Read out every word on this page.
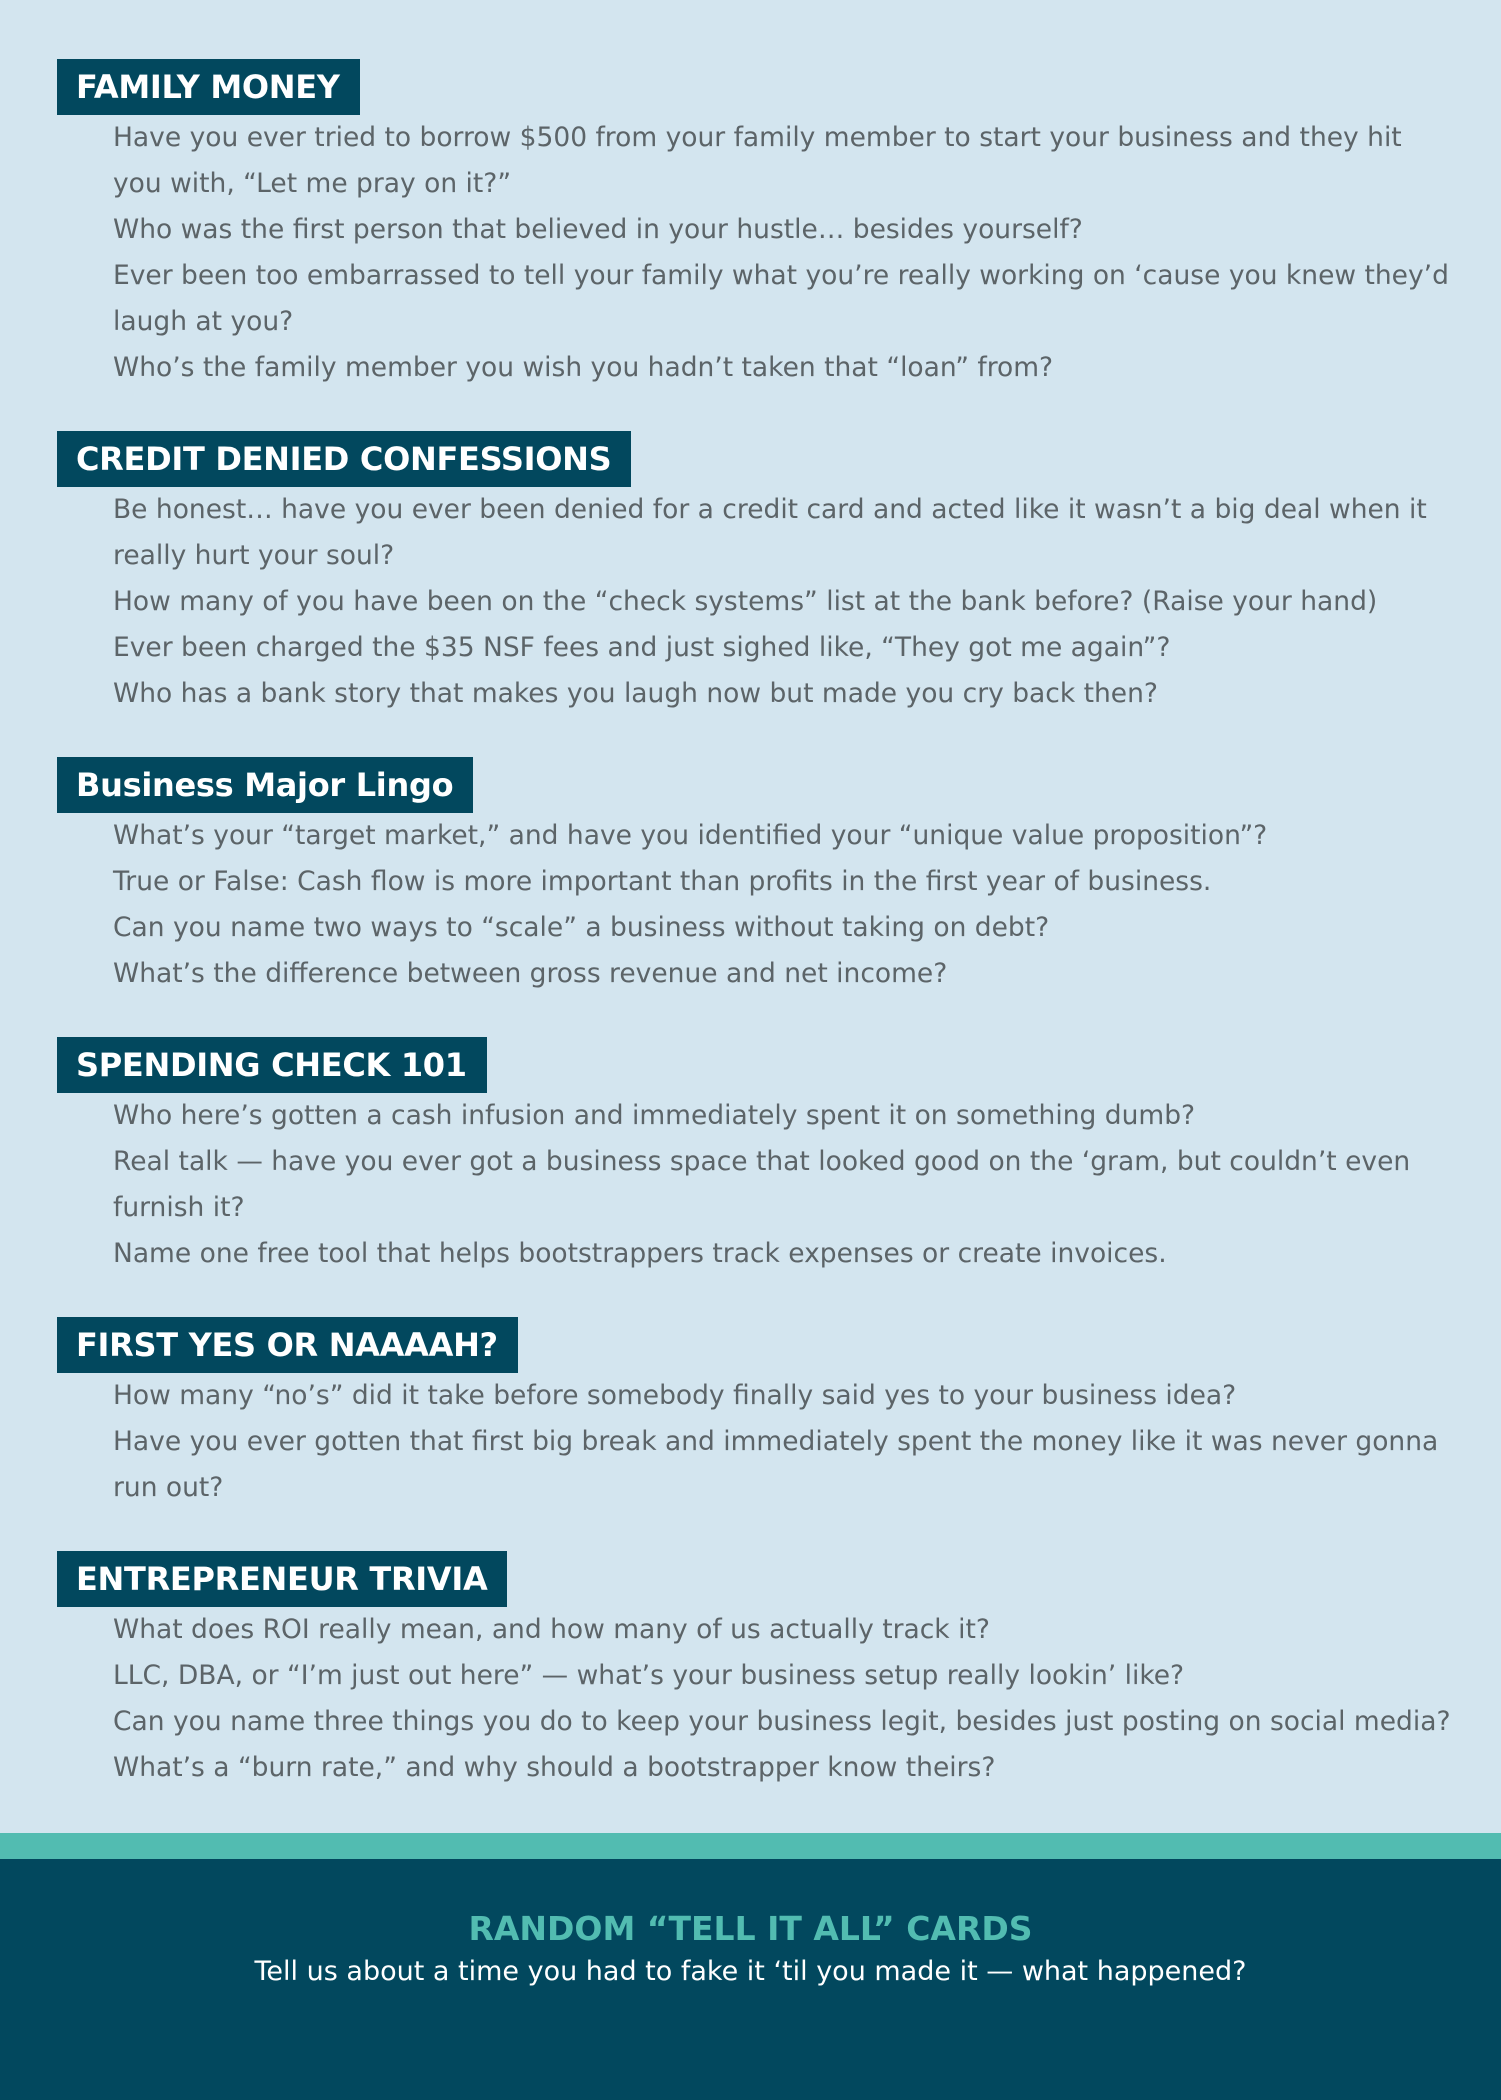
FAMILY MONEY
Have you ever tried to borrow $500 from your family member to start your business and they hit you with, “Let me pray on it?”
Who was the first person that believed in your hustle… besides yourself?
Ever been too embarrassed to tell your family what you’re really working on ‘cause you knew they’d laugh at you?
Who’s the family member you wish you hadn’t taken that “loan” from?
CREDIT DENIED CONFESSIONS
Be honest… have you ever been denied for a credit card and acted like it wasn’t a big deal when it really hurt your soul?
How many of you have been on the “check systems” list at the bank before? (Raise your hand)
Ever been charged the $35 NSF fees and just sighed like, “They got me again”?
Who has a bank story that makes you laugh now but made you cry back then?
Business Major Lingo
What’s your “target market,” and have you identified your “unique value proposition”?
True or False: Cash flow is more important than profits in the first year of business.
Can you name two ways to “scale” a business without taking on debt?
What’s the difference between gross revenue and net income?
SPENDING CHECK 101
Who here’s gotten a cash infusion and immediately spent it on something dumb?
Real talk — have you ever got a business space that looked good on the ‘gram, but couldn’t even furnish it?
Name one free tool that helps bootstrappers track expenses or create invoices.
FIRST YES OR NAAAAH?
How many “no’s” did it take before somebody finally said yes to your business idea?
Have you ever gotten that first big break and immediately spent the money like it was never gonna run out?
ENTREPRENEUR TRIVIA
What does ROI really mean, and how many of us actually track it?
LLC, DBA, or “I’m just out here” — what’s your business setup really lookin’ like?
Can you name three things you do to keep your business legit, besides just posting on social media?
What’s a “burn rate,” and why should a bootstrapper know theirs?
RANDOM “TELL IT ALL” CARDS
Tell us about a time you had to fake it ‘til you made it — what happened?
